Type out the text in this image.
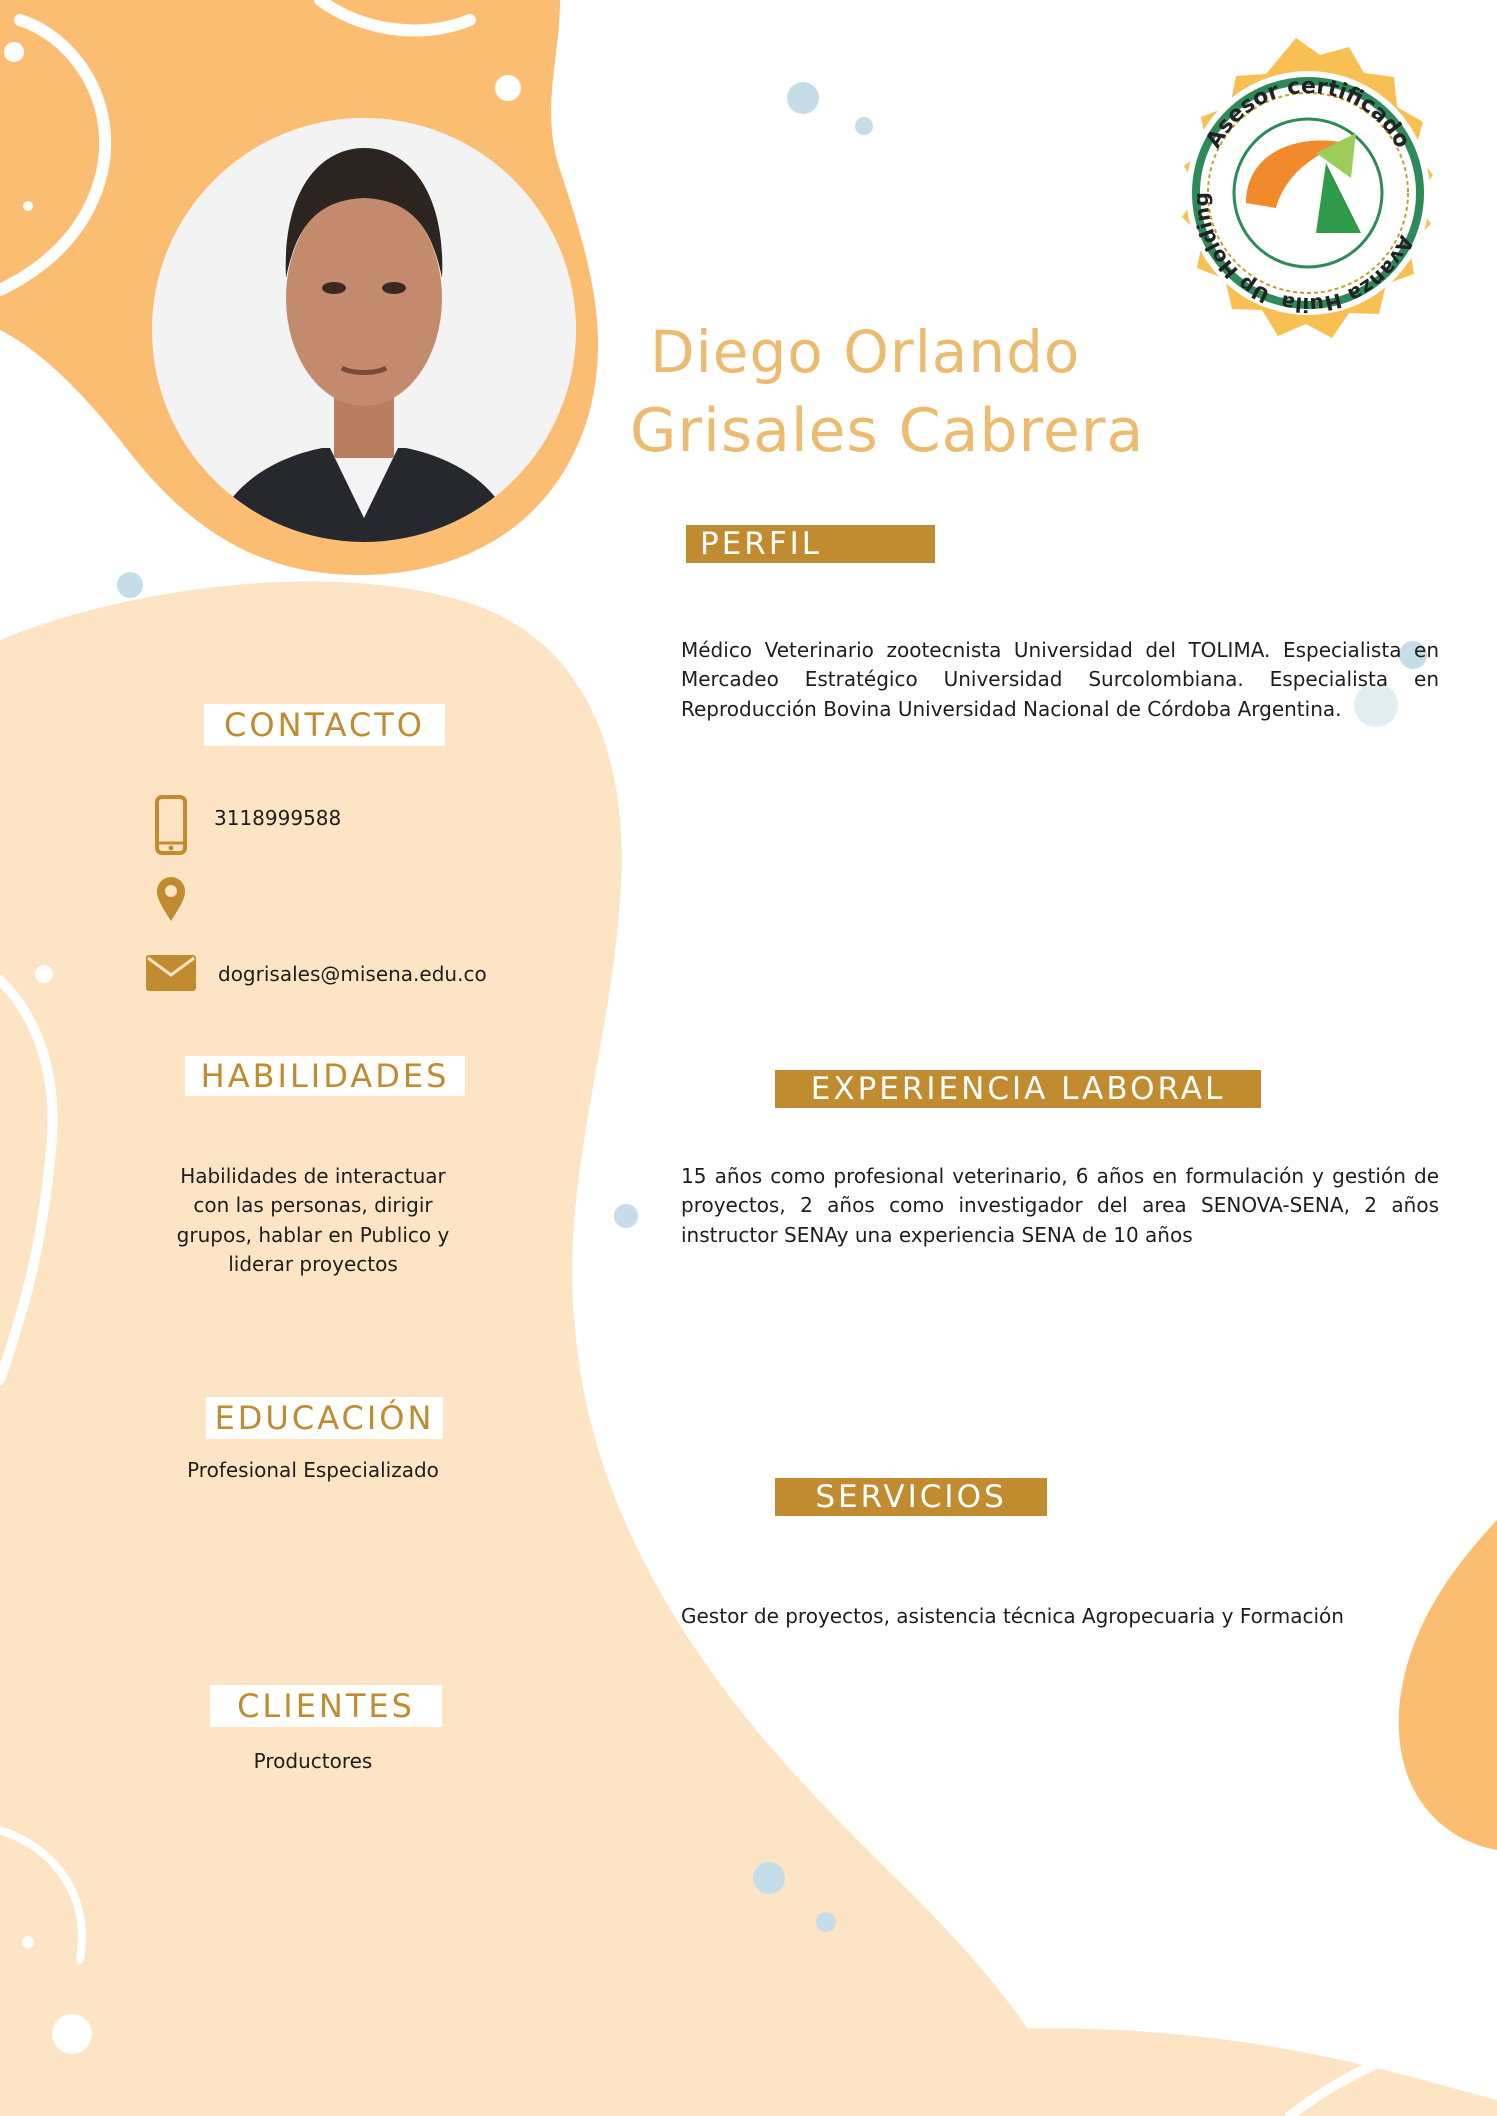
Asesor certificado
Avanza Huila
Up Holding
Diego Orlando
Grisales Cabrera
PERFIL
Médico Veterinario zootecnista Universidad del TOLIMA. Especialista en Mercadeo Estratégico Universidad Surcolombiana. Especialista en Reproducción Bovina Universidad Nacional de Córdoba Argentina.
EXPERIENCIA LABORAL
15 años como profesional veterinario, 6 años en formulación y gestión de proyectos, 2 años como investigador del area SENOVA-SENA, 2 años instructor SENAy una experiencia SENA de 10 años
SERVICIOS
Gestor de proyectos, asistencia técnica Agropecuaria y Formación
CONTACTO
3118999588
dogrisales@misena.edu.co
HABILIDADES
Habilidades de interactuar con las personas, dirigir grupos, hablar en Publico y liderar proyectos
EDUCACIÓN
Profesional Especializado
CLIENTES
Productores
